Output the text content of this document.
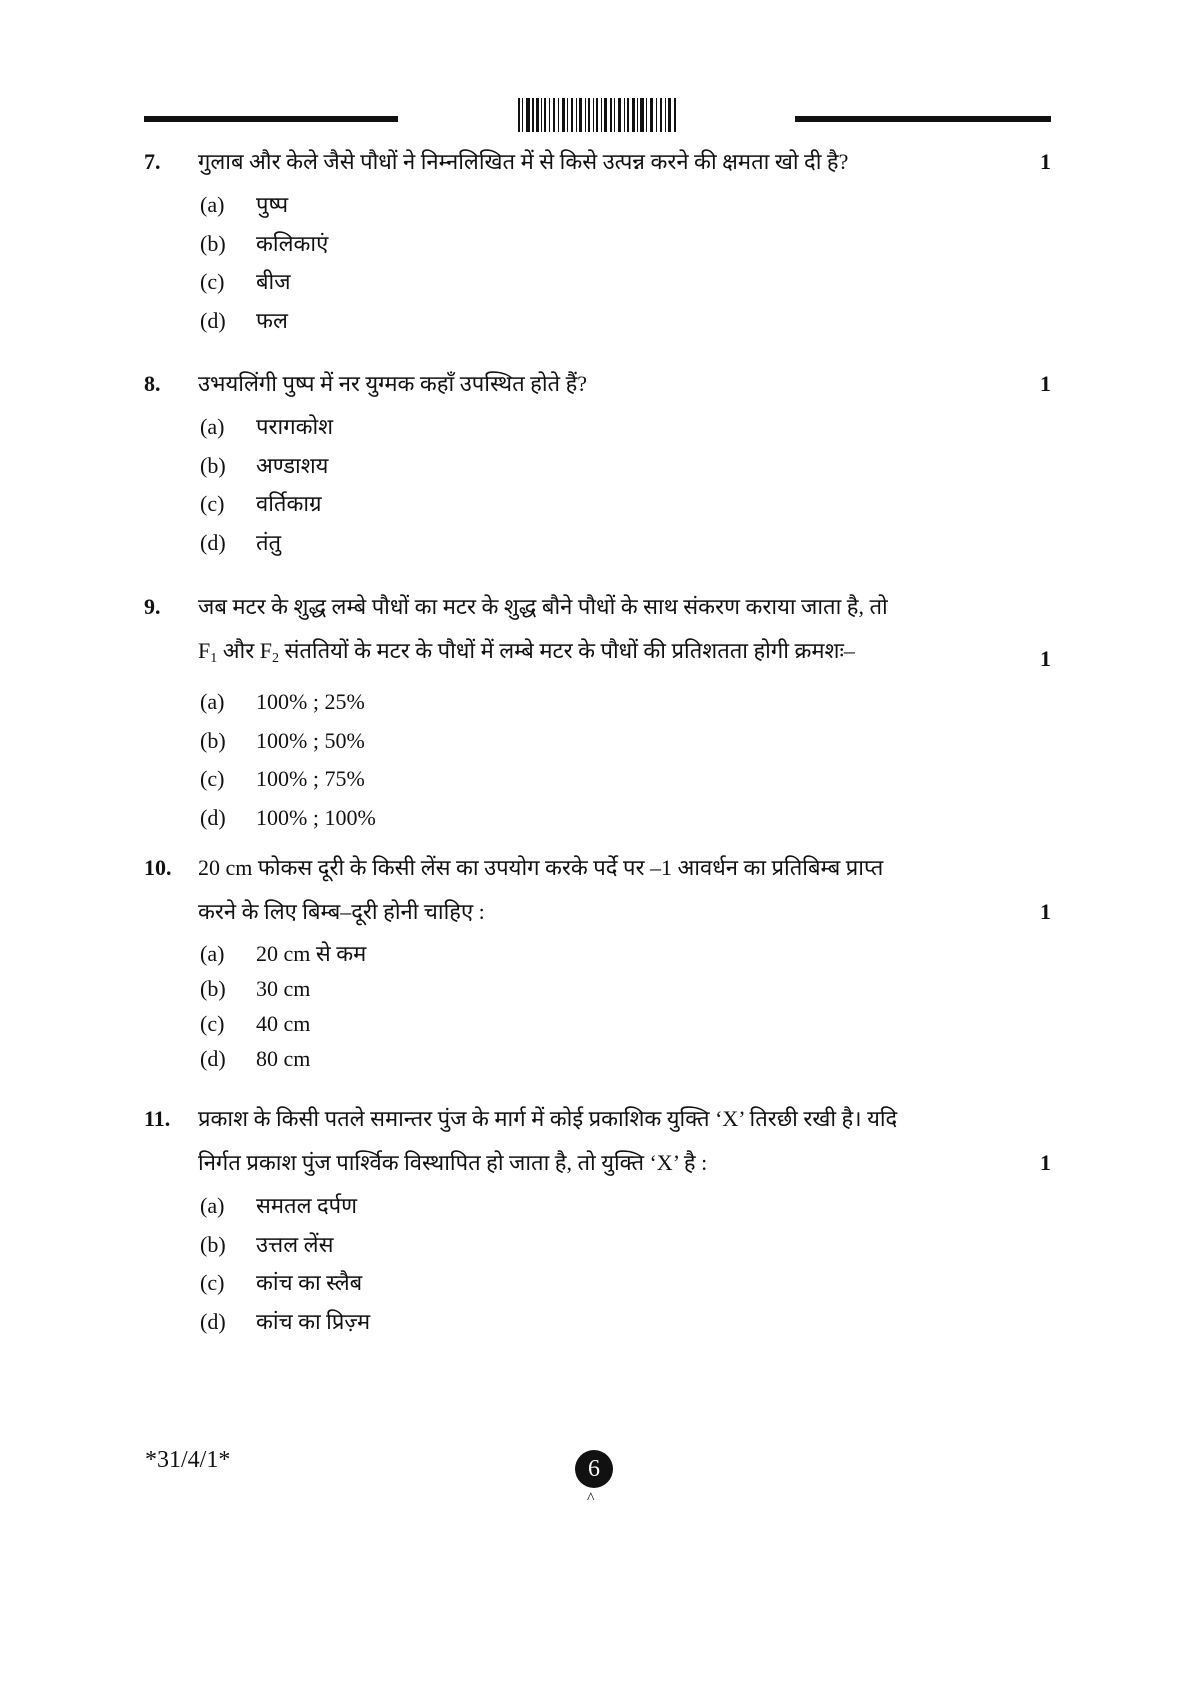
7.	गुलाब और केले जैसे पौधों ने निम्नलिखित में से किसे उत्पन्न करने की क्षमता खो दी है?	1
(a)	पुष्प
(b)	कलिकाएं
(c)	बीज
(d)	फल
8.	उभयलिंगी पुष्प में नर युग्मक कहाँ उपस्थित होते हैं?	1
(a)	परागकोश
(b)	अण्डाशय
(c)	वर्तिकाग्र
(d)	तंतु
9.	जब मटर के शुद्ध लम्बे पौधों का मटर के शुद्ध बौने पौधों के साथ संकरण कराया जाता है, तो
$F_1$ और $F_2$ संततियों के मटर के पौधों में लम्बे मटर के पौधों की प्रतिशतता होगी क्रमशः–	1
(a)	100% ; 25%
(b)	100% ; 50%
(c)	100% ; 75%
(d)	100% ; 100%
10.	20 cm फोकस दूरी के किसी लेंस का उपयोग करके पर्दे पर –1 आवर्धन का प्रतिबिम्ब प्राप्त
करने के लिए बिम्ब–दूरी होनी चाहिए :	1
(a)	20 cm से कम
(b)	30 cm
(c)	40 cm
(d)	80 cm
11.	प्रकाश के किसी पतले समान्तर पुंज के मार्ग में कोई प्रकाशिक युक्ति ‘X’ तिरछी रखी है। यदि
निर्गत प्रकाश पुंज पार्श्विक विस्थापित हो जाता है, तो युक्ति ‘X’ है :	1
(a)	समतल दर्पण
(b)	उत्तल लेंस
(c)	कांच का स्लैब
(d)	कांच का प्रिज़्म
*31/4/1*	6
^
